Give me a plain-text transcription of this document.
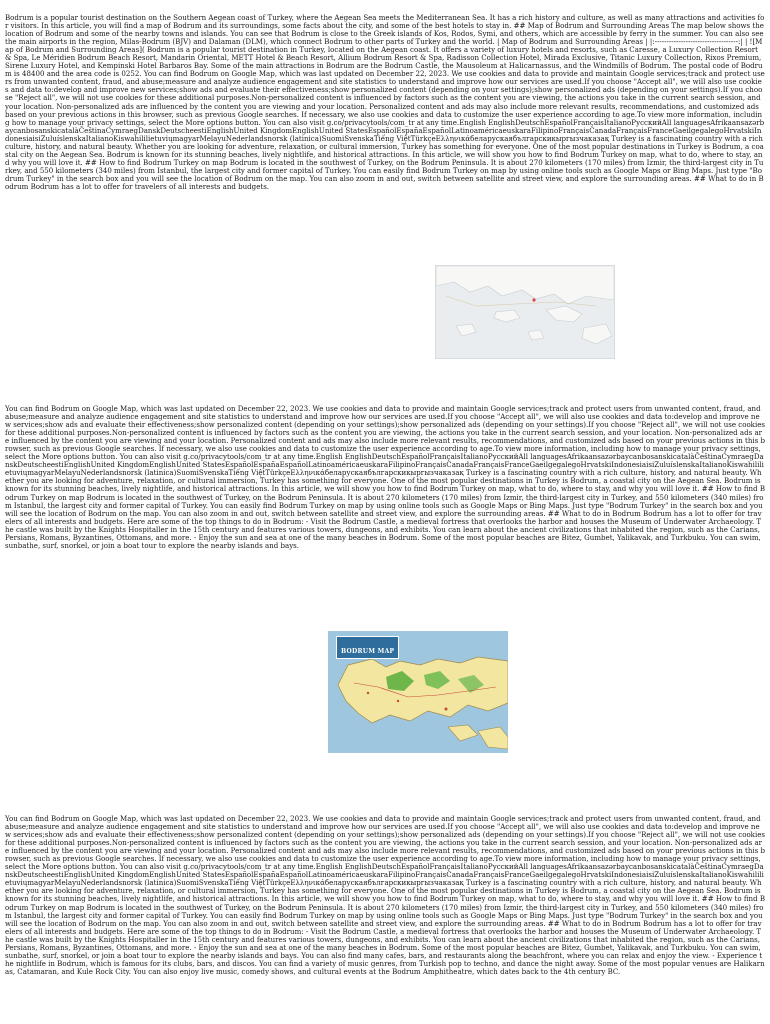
Bodrum is a popular tourist destination on the Southern Aegean coast of Turkey, where the Aegean Sea meets the Mediterranean Sea. It has a rich history and culture, as well as many attractions and activities for visitors. In this article, you will find a map of Bodrum and its surroundings, some facts about the city, and some of the best hotels to stay in. ## Map of Bodrum and Surrounding Areas The map below shows the location of Bodrum and some of the nearby towns and islands. You can see that Bodrum is close to the Greek islands of Kos, Rodos, Symi, and others, which are accessible by ferry in the summer. You can also see the main airports in the region, Milas-Bodrum (BJV) and Dalaman (DLM), which connect Bodrum to other parts of Turkey and the world. | Map of Bodrum and Surrounding Areas | |:-----------------------------------:| | ![Map of Bodrum and Surrounding Areas]( Bodrum is a popular tourist destination in Turkey, located on the Aegean coast. It offers a variety of luxury hotels and resorts, such as Caresse, a Luxury Collection Resort & Spa, Le Méridien Bodrum Beach Resort, Mandarin Oriental, METT Hotel & Beach Resort, Allium Bodrum Resort & Spa, Radisson Collection Hotel, Mirada Exclusive, Titanic Luxury Collection, Rixos Premium, Sirene Luxury Hotel, and Kempinski Hotel Barbaros Bay. Some of the main attractions in Bodrum are the Bodrum Castle, the Mausoleum at Halicarnassus, and the Windmills of Bodrum. The postal code of Bodrum is 48400 and the area code is 0252. You can find Bodrum on Google Map, which was last updated on December 22, 2023. We use cookies and data to provide and maintain Google services;track and protect users from unwanted content, fraud, and abuse;measure and analyze audience engagement and site statistics to understand and improve how our services are used.If you choose "Accept all", we will also use cookies and data to:develop and improve new services;show ads and evaluate their effectiveness;show personalized content (depending on your settings);show personalized ads (depending on your settings).If you choose "Reject all", we will not use cookies for these additional purposes.Non-personalized content is influenced by factors such as the content you are viewing, the actions you take in the current search session, and your location. Non-personalized ads are influenced by the content you are viewing and your location. Personalized content and ads may also include more relevant results, recommendations, and customized ads based on your previous actions in this browser, such as previous Google searches. If necessary, we also use cookies and data to customize the user experience according to age.To view more information, including how to manage your privacy settings, select the More options button. You can also visit g.co/privacytools/com_tr at any time.English EnglishDeutschEspañolFrançaisItalianoPусскийAll languagesAfrikaansazərbaycanbosanskicatalàČeštinaCymraegDanskDeutscheestiEnglishUnited KingdomEnglishUnited StatesEspañolEspañaEspañolLatinoaméricaeuskaraFilipinoFrançaisCanadaFrançaisFranceGaeilgegalegoHrvatskiIndonesiaisiZuluíslenskaItalianoKiswahililietuviųmagyarMelayuNederlandsnorsk (latinica)SuomiSvenskaTiếng ViệtTürkçeΕλληνικάбеларускаябългарскикыргызчаказақ Turkey is a fascinating country with a rich culture, history, and natural beauty. Whether you are looking for adventure, relaxation, or cultural immersion, Turkey has something for everyone. One of the most popular destinations in Turkey is Bodrum, a coastal city on the Aegean Sea. Bodrum is known for its stunning beaches, lively nightlife, and historical attractions. In this article, we will show you how to find Bodrum Turkey on map, what to do, where to stay, and why you will love it. ## How to find Bodrum Turkey on map Bodrum is located in the southwest of Turkey, on the Bodrum Peninsula. It is about 270 kilometers (170 miles) from Izmir, the third-largest city in Turkey, and 550 kilometers (340 miles) from Istanbul, the largest city and former capital of Turkey. You can easily find Bodrum Turkey on map by using online tools such as Google Maps or Bing Maps. Just type "Bodrum Turkey" in the search box and you will see the location of Bodrum on the map. You can also zoom in and out, switch between satellite and street view, and explore the surrounding areas. ## What to do in Bodrum Bodrum has a lot to offer for travelers of all interests and budgets.

You can find Bodrum on Google Map, which was last updated on December 22, 2023. We use cookies and data to provide and maintain Google services;track and protect users from unwanted content, fraud, and abuse;measure and analyze audience engagement and site statistics to understand and improve how our services are used.If you choose "Accept all", we will also use cookies and data to:develop and improve new services;show ads and evaluate their effectiveness;show personalized content (depending on your settings);show personalized ads (depending on your settings).If you choose "Reject all", we will not use cookies for these additional purposes.Non-personalized content is influenced by factors such as the content you are viewing, the actions you take in the current search session, and your location. Non-personalized ads are influenced by the content you are viewing and your location. Personalized content and ads may also include more relevant results, recommendations, and customized ads based on your previous actions in this browser, such as previous Google searches. If necessary, we also use cookies and data to customize the user experience according to age.To view more information, including how to manage your privacy settings, select the More options button. You can also visit g.co/privacytools/com_tr at any time.English EnglishDeutschEspañolFrançaisItalianoPусскийAll languagesAfrikaansazərbaycanbosanskicatalàČeštinaCymraegDanskDeutscheestiEnglishUnited KingdomEnglishUnited StatesEspañolEspañaEspañolLatinoaméricaeuskaraFilipinoFrançaisCanadaFrançaisFranceGaeilgegalegoHrvatskiIndonesiaisiZuluíslenskaItalianoKiswahililietuviųmagyarMelayuNederlandsnorsk (latinica)SuomiSvenskaTiếng ViệtTürkçeΕλληνικάбеларускаябългарскикыргызчаказақ Turkey is a fascinating country with a rich culture, history, and natural beauty. Whether you are looking for adventure, relaxation, or cultural immersion, Turkey has something for everyone. One of the most popular destinations in Turkey is Bodrum, a coastal city on the Aegean Sea. Bodrum is known for its stunning beaches, lively nightlife, and historical attractions. In this article, we will show you how to find Bodrum Turkey on map, what to do, where to stay, and why you will love it. ## How to find Bodrum Turkey on map Bodrum is located in the southwest of Turkey, on the Bodrum Peninsula. It is about 270 kilometers (170 miles) from Izmir, the third-largest city in Turkey, and 550 kilometers (340 miles) from Istanbul, the largest city and former capital of Turkey. You can easily find Bodrum Turkey on map by using online tools such as Google Maps or Bing Maps. Just type "Bodrum Turkey" in the search box and you will see the location of Bodrum on the map. You can also zoom in and out, switch between satellite and street view, and explore the surrounding areas. ## What to do in Bodrum Bodrum has a lot to offer for travelers of all interests and budgets. Here are some of the top things to do in Bodrum: - Visit the Bodrum Castle, a medieval fortress that overlooks the harbor and houses the Museum of Underwater Archaeology. The castle was built by the Knights Hospitaller in the 15th century and features various towers, dungeons, and exhibits. You can learn about the ancient civilizations that inhabited the region, such as the Carians, Persians, Romans, Byzantines, Ottomans, and more. - Enjoy the sun and sea at one of the many beaches in Bodrum. Some of the most popular beaches are Bitez, Gumbet, Yalikavak, and Turkbuku. You can swim, sunbathe, surf, snorkel, or join a boat tour to explore the nearby islands and bays.

BODRUM MAP

You can find Bodrum on Google Map, which was last updated on December 22, 2023. We use cookies and data to provide and maintain Google services;track and protect users from unwanted content, fraud, and abuse;measure and analyze audience engagement and site statistics to understand and improve how our services are used.If you choose "Accept all", we will also use cookies and data to:develop and improve new services;show ads and evaluate their effectiveness;show personalized content (depending on your settings);show personalized ads (depending on your settings).If you choose "Reject all", we will not use cookies for these additional purposes.Non-personalized content is influenced by factors such as the content you are viewing, the actions you take in the current search session, and your location. Non-personalized ads are influenced by the content you are viewing and your location. Personalized content and ads may also include more relevant results, recommendations, and customized ads based on your previous actions in this browser, such as previous Google searches. If necessary, we also use cookies and data to customize the user experience according to age.To view more information, including how to manage your privacy settings, select the More options button. You can also visit g.co/privacytools/com_tr at any time.English EnglishDeutschEspañolFrançaisItalianoPусскийAll languagesAfrikaansazərbaycanbosanskicatalàČeštinaCymraegDanskDeutscheestiEnglishUnited KingdomEnglishUnited StatesEspañolEspañaEspañolLatinoaméricaeuskaraFilipinoFrançaisCanadaFrançaisFranceGaeilgegalegoHrvatskiIndonesiaisiZuluíslenskaItalianoKiswahililietuviųmagyarMelayuNederlandsnorsk (latinica)SuomiSvenskaTiếng ViệtTürkçeΕλληνικάбеларускаябългарскикыргызчаказақ Turkey is a fascinating country with a rich culture, history, and natural beauty. Whether you are looking for adventure, relaxation, or cultural immersion, Turkey has something for everyone. One of the most popular destinations in Turkey is Bodrum, a coastal city on the Aegean Sea. Bodrum is known for its stunning beaches, lively nightlife, and historical attractions. In this article, we will show you how to find Bodrum Turkey on map, what to do, where to stay, and why you will love it. ## How to find Bodrum Turkey on map Bodrum is located in the southwest of Turkey, on the Bodrum Peninsula. It is about 270 kilometers (170 miles) from Izmir, the third-largest city in Turkey, and 550 kilometers (340 miles) from Istanbul, the largest city and former capital of Turkey. You can easily find Bodrum Turkey on map by using online tools such as Google Maps or Bing Maps. Just type "Bodrum Turkey" in the search box and you will see the location of Bodrum on the map. You can also zoom in and out, switch between satellite and street view, and explore the surrounding areas. ## What to do in Bodrum Bodrum has a lot to offer for travelers of all interests and budgets. Here are some of the top things to do in Bodrum: - Visit the Bodrum Castle, a medieval fortress that overlooks the harbor and houses the Museum of Underwater Archaeology. The castle was built by the Knights Hospitaller in the 15th century and features various towers, dungeons, and exhibits. You can learn about the ancient civilizations that inhabited the region, such as the Carians, Persians, Romans, Byzantines, Ottomans, and more. - Enjoy the sun and sea at one of the many beaches in Bodrum. Some of the most popular beaches are Bitez, Gumbet, Yalikavak, and Turkbuku. You can swim, sunbathe, surf, snorkel, or join a boat tour to explore the nearby islands and bays. You can also find many cafes, bars, and restaurants along the beachfront, where you can relax and enjoy the view. - Experience the nightlife in Bodrum, which is famous for its clubs, bars, and discos. You can find a variety of music genres, from Turkish pop to techno, and dance the night away. Some of the most popular venues are Halikarnas, Catamaran, and Kule Rock City. You can also enjoy live music, comedy shows, and cultural events at the Bodrum Amphitheatre, which dates back to the 4th century BC.
